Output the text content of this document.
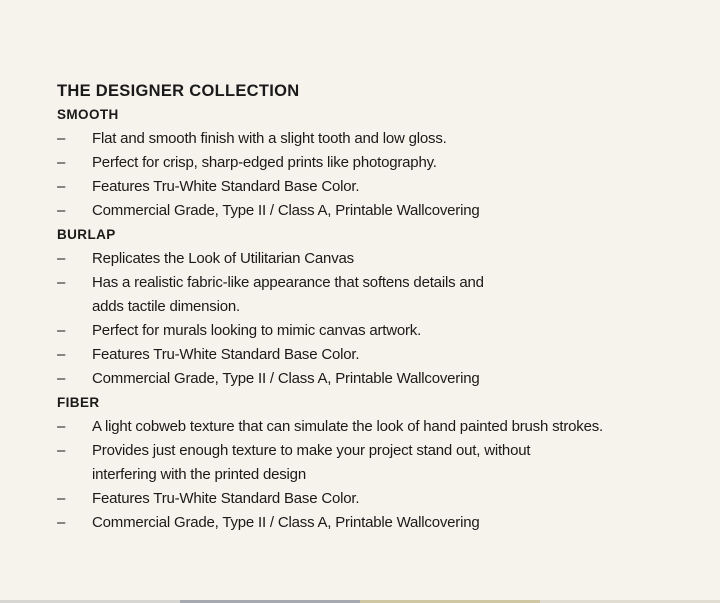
THE DESIGNER COLLECTION
SMOOTH
–	Flat and smooth finish with a slight tooth and low gloss.
–	Perfect for crisp, sharp-edged prints like photography.
–	Features Tru-White Standard Base Color.
–	Commercial Grade, Type II / Class A, Printable Wallcovering
BURLAP
–	Replicates the Look of Utilitarian Canvas
–	Has a realistic fabric-like appearance that softens details and adds tactile dimension.
–	Perfect for murals looking to mimic canvas artwork.
–	Features Tru-White Standard Base Color.
–	Commercial Grade, Type II / Class A, Printable Wallcovering
FIBER
–	A light cobweb texture that can simulate the look of hand painted brush strokes.
–	Provides just enough texture to make your project stand out, without interfering with the printed design
–	Features Tru-White Standard Base Color.
–	Commercial Grade, Type II / Class A, Printable Wallcovering
